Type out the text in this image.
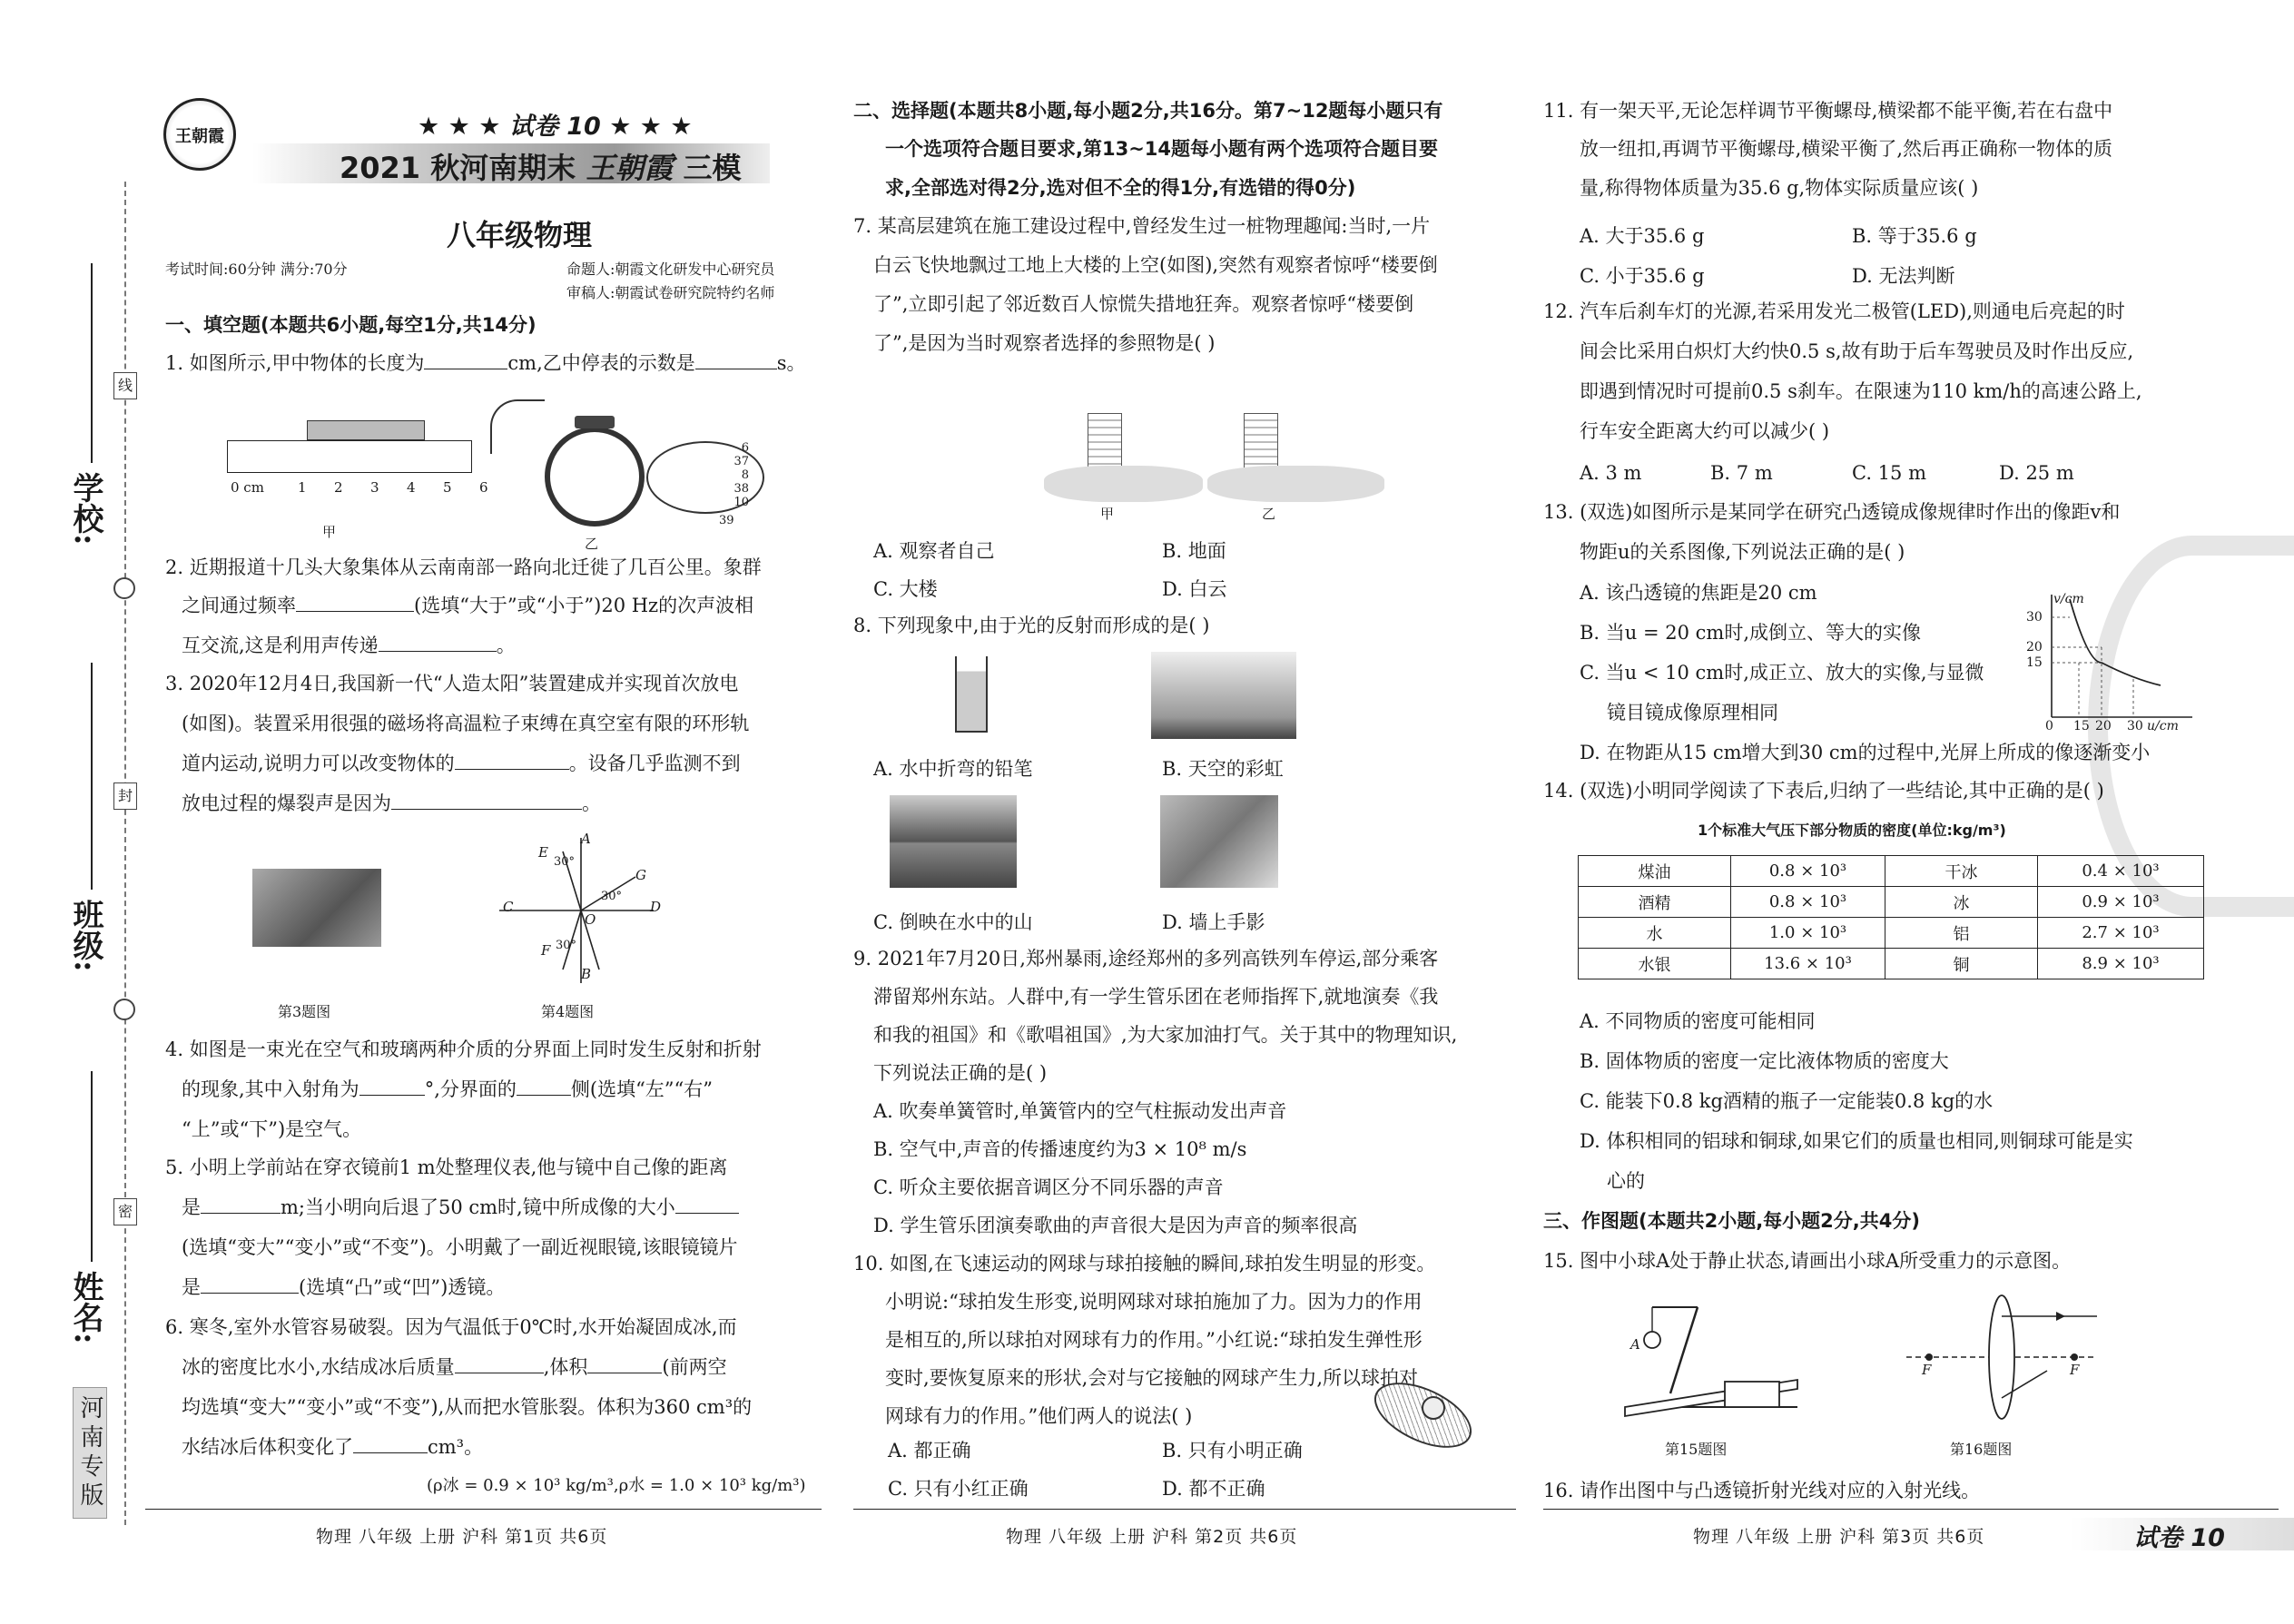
线
封
密
学校:
班级:
姓名:
河南专版
王朝霞	★ ★ ★ 试卷 10 ★ ★ ★
2021 秋河南期末 王朝霞 三模
八年级物理
考试时间:60分钟 满分:70分	命题人:朝霞文化研发中心研究员
审稿人:朝霞试卷研究院特约名师
一、填空题(本题共6小题,每空1分,共14分)
1. 如图所示,甲中物体的长度为	cm,乙中停表的示数是	s。
0 cm 1 2 3 4 5 6
甲
6
37
8
38
10
39
乙
2. 近期报道十几头大象集体从云南南部一路向北迁徙了几百公里。象群
之间通过频率	(选填“大于”或“小于”)20 Hz的次声波相
互交流,这是利用声传递	。
3. 2020年12月4日,我国新一代“人造太阳”装置建成并实现首次放电
(如图)。装置采用很强的磁场将高温粒子束缚在真空室有限的环形轨
道内运动,说明力可以改变物体的	。设备几乎监测不到
放电过程的爆裂声是因为	。
第3题图
A
E
30°
G
30°
C
O
D
F 30°
B
第4题图
4. 如图是一束光在空气和玻璃两种介质的分界面上同时发生反射和折射
的现象,其中入射角为	°,分界面的	侧(选填“左”“右”
“上”或“下”)是空气。
5. 小明上学前站在穿衣镜前1 m处整理仪表,他与镜中自己像的距离
是	m;当小明向后退了50 cm时,镜中所成像的大小
(选填“变大”“变小”或“不变”)。小明戴了一副近视眼镜,该眼镜镜片
是	(选填“凸”或“凹”)透镜。
6. 寒冬,室外水管容易破裂。因为气温低于0℃时,水开始凝固成冰,而
冰的密度比水小,水结成冰后质量	,体积	(前两空
均选填“变大”“变小”或“不变”),从而把水管胀裂。体积为360 cm³的
水结冰后体积变化了	cm³。
(ρ冰 = 0.9 × 10³ kg/m³,ρ水 = 1.0 × 10³ kg/m³)
物理 八年级 上册 沪科 第1页 共6页
二、选择题(本题共8小题,每小题2分,共16分。第7~12题每小题只有
一个选项符合题目要求,第13~14题每小题有两个选项符合题目要
求,全部选对得2分,选对但不全的得1分,有选错的得0分)
7. 某高层建筑在施工建设过程中,曾经发生过一桩物理趣闻:当时,一片
白云飞快地飘过工地上大楼的上空(如图),突然有观察者惊呼“楼要倒
了”,立即引起了邻近数百人惊慌失措地狂奔。观察者惊呼“楼要倒
了”,是因为当时观察者选择的参照物是( )
甲	乙
A. 观察者自己	B. 地面
C. 大楼	D. 白云
8. 下列现象中,由于光的反射而形成的是( )
A. 水中折弯的铅笔	B. 天空的彩虹
C. 倒映在水中的山	D. 墙上手影
9. 2021年7月20日,郑州暴雨,途经郑州的多列高铁列车停运,部分乘客
滞留郑州东站。人群中,有一学生管乐团在老师指挥下,就地演奏《我
和我的祖国》和《歌唱祖国》,为大家加油打气。关于其中的物理知识,
下列说法正确的是( )
A. 吹奏单簧管时,单簧管内的空气柱振动发出声音
B. 空气中,声音的传播速度约为3 × 10⁸ m/s
C. 听众主要依据音调区分不同乐器的声音
D. 学生管乐团演奏歌曲的声音很大是因为声音的频率很高
10. 如图,在飞速运动的网球与球拍接触的瞬间,球拍发生明显的形变。
小明说:“球拍发生形变,说明网球对球拍施加了力。因为力的作用
是相互的,所以球拍对网球有力的作用。”小红说:“球拍发生弹性形
变时,要恢复原来的形状,会对与它接触的网球产生力,所以球拍对
网球有力的作用。”他们两人的说法( )
A. 都正确	B. 只有小明正确
C. 只有小红正确	D. 都不正确
物理 八年级 上册 沪科 第2页 共6页
11. 有一架天平,无论怎样调节平衡螺母,横梁都不能平衡,若在右盘中
放一纽扣,再调节平衡螺母,横梁平衡了,然后再正确称一物体的质
量,称得物体质量为35.6 g,物体实际质量应该( )
A. 大于35.6 g	B. 等于35.6 g
C. 小于35.6 g	D. 无法判断
12. 汽车后刹车灯的光源,若采用发光二极管(LED),则通电后亮起的时
间会比采用白炽灯大约快0.5 s,故有助于后车驾驶员及时作出反应,
即遇到情况时可提前0.5 s刹车。在限速为110 km/h的高速公路上,
行车安全距离大约可以减少( )
A. 3 m	B. 7 m	C. 15 m	D. 25 m
13. (双选)如图所示是某同学在研究凸透镜成像规律时作出的像距v和
物距u的关系图像,下列说法正确的是( )
A. 该凸透镜的焦距是20 cm
B. 当u = 20 cm时,成倒立、等大的实像
C. 当u < 10 cm时,成正立、放大的实像,与显微
镜目镜成像原理相同
D. 在物距从15 cm增大到30 cm的过程中,光屏上所成的像逐渐变小
v/cm
30
20
15
0 15 20 30 u/cm
14. (双选)小明同学阅读了下表后,归纳了一些结论,其中正确的是( )
1个标准大气压下部分物质的密度(单位:kg/m³)
煤油	0.8 × 10³	干冰	0.4 × 10³
酒精	0.8 × 10³	冰	0.9 × 10³
水	1.0 × 10³	铝	2.7 × 10³
水银	13.6 × 10³	铜	8.9 × 10³
A. 不同物质的密度可能相同
B. 固体物质的密度一定比液体物质的密度大
C. 能装下0.8 kg酒精的瓶子一定能装0.8 kg的水
D. 体积相同的铝球和铜球,如果它们的质量也相同,则铜球可能是实
心的
三、作图题(本题共2小题,每小题2分,共4分)
15. 图中小球A处于静止状态,请画出小球A所受重力的示意图。
A
第15题图
F	F
第16题图
16. 请作出图中与凸透镜折射光线对应的入射光线。
物理 八年级 上册 沪科 第3页 共6页	试卷 10
